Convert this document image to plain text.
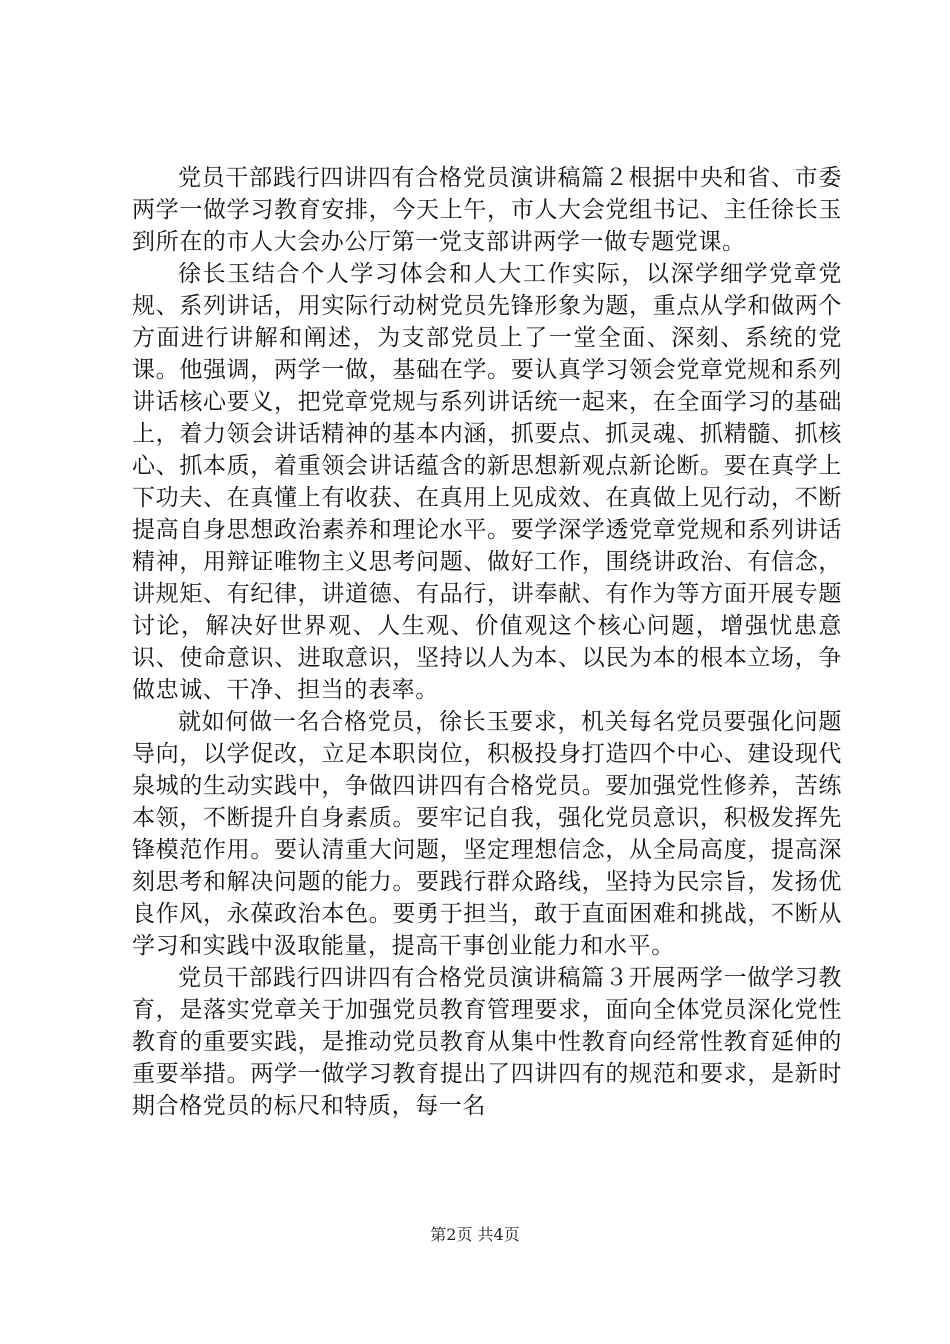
党员干部践行四讲四有合格党员演讲稿篇２根据中央和省、市委两学一做学习教育安排，今天上午，市人大会党组书记、主任徐长玉到所在的市人大会办公厅第一党支部讲两学一做专题党课。

徐长玉结合个人学习体会和人大工作实际，以深学细学党章党规、系列讲话，用实际行动树党员先锋形象为题，重点从学和做两个方面进行讲解和阐述，为支部党员上了一堂全面、深刻、系统的党课。他强调，两学一做，基础在学。要认真学习领会党章党规和系列讲话核心要义，把党章党规与系列讲话统一起来，在全面学习的基础上，着力领会讲话精神的基本内涵，抓要点、抓灵魂、抓精髓、抓核心、抓本质，着重领会讲话蕴含的新思想新观点新论断。要在真学上下功夫、在真懂上有收获、在真用上见成效、在真做上见行动，不断提高自身思想政治素养和理论水平。要学深学透党章党规和系列讲话精神，用辩证唯物主义思考问题、做好工作，围绕讲政治、有信念，讲规矩、有纪律，讲道德、有品行，讲奉献、有作为等方面开展专题讨论，解决好世界观、人生观、价值观这个核心问题，增强忧患意识、使命意识、进取意识，坚持以人为本、以民为本的根本立场，争做忠诚、干净、担当的表率。

就如何做一名合格党员，徐长玉要求，机关每名党员要强化问题导向，以学促改，立足本职岗位，积极投身打造四个中心、建设现代泉城的生动实践中，争做四讲四有合格党员。要加强党性修养，苦练本领，不断提升自身素质。要牢记自我，强化党员意识，积极发挥先锋模范作用。要认清重大问题，坚定理想信念，从全局高度，提高深刻思考和解决问题的能力。要践行群众路线，坚持为民宗旨，发扬优良作风，永葆政治本色。要勇于担当，敢于直面困难和挑战，不断从学习和实践中汲取能量，提高干事创业能力和水平。

党员干部践行四讲四有合格党员演讲稿篇３开展两学一做学习教育，是落实党章关于加强党员教育管理要求，面向全体党员深化党性教育的重要实践，是推动党员教育从集中性教育向经常性教育延伸的重要举措。两学一做学习教育提出了四讲四有的规范和要求，是新时期合格党员的标尺和特质，每一名

第2页 共4页
